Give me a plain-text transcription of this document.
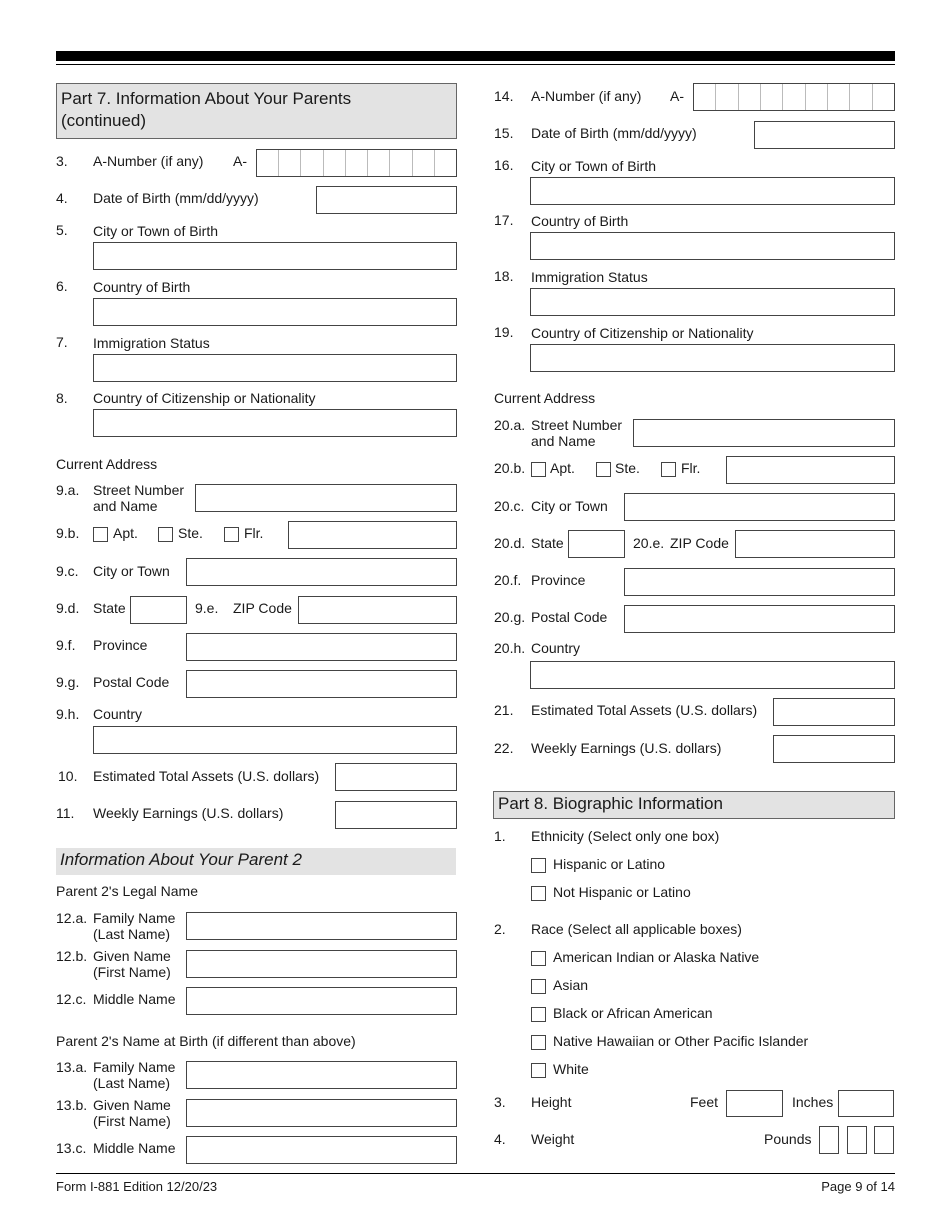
Part 7. Information About Your Parents
(continued)
3. A-Number (if any) A-
4. Date of Birth (mm/dd/yyyy)
5. City or Town of Birth
6. Country of Birth
7. Immigration Status
8. Country of Citizenship or Nationality
Current Address
9.a. Street Number
and Name
9.b. Apt.	Ste.	Flr.
9.c. City or Town
9.d. State	9.e. ZIP Code
9.f. Province
9.g. Postal Code
9.h. Country
10. Estimated Total Assets (U.S. dollars)
11. Weekly Earnings (U.S. dollars)
Information About Your Parent 2
Parent 2's Legal Name
12.a. Family Name
(Last Name)
12.b. Given Name
(First Name)
12.c. Middle Name
Parent 2's Name at Birth (if different than above)
13.a. Family Name
(Last Name)
13.b. Given Name
(First Name)
13.c. Middle Name
14. A-Number (if any) A-
15. Date of Birth (mm/dd/yyyy)
16. City or Town of Birth
17. Country of Birth
18. Immigration Status
19. Country of Citizenship or Nationality
Current Address
20.a. Street Number
and Name
20.b. Apt.	Ste.	Flr.
20.c. City or Town
20.d. State	20.e. ZIP Code
20.f. Province
20.g. Postal Code
20.h. Country
21. Estimated Total Assets (U.S. dollars)
22. Weekly Earnings (U.S. dollars)
Part 8. Biographic Information
1. Ethnicity (Select only one box)
Hispanic or Latino
Not Hispanic or Latino
2. Race (Select all applicable boxes)
American Indian or Alaska Native
Asian
Black or African American
Native Hawaiian or Other Pacific Islander
White
3. Height	Feet	Inches
4. Weight	Pounds
Form I-881 Edition 12/20/23	Page 9 of 14
